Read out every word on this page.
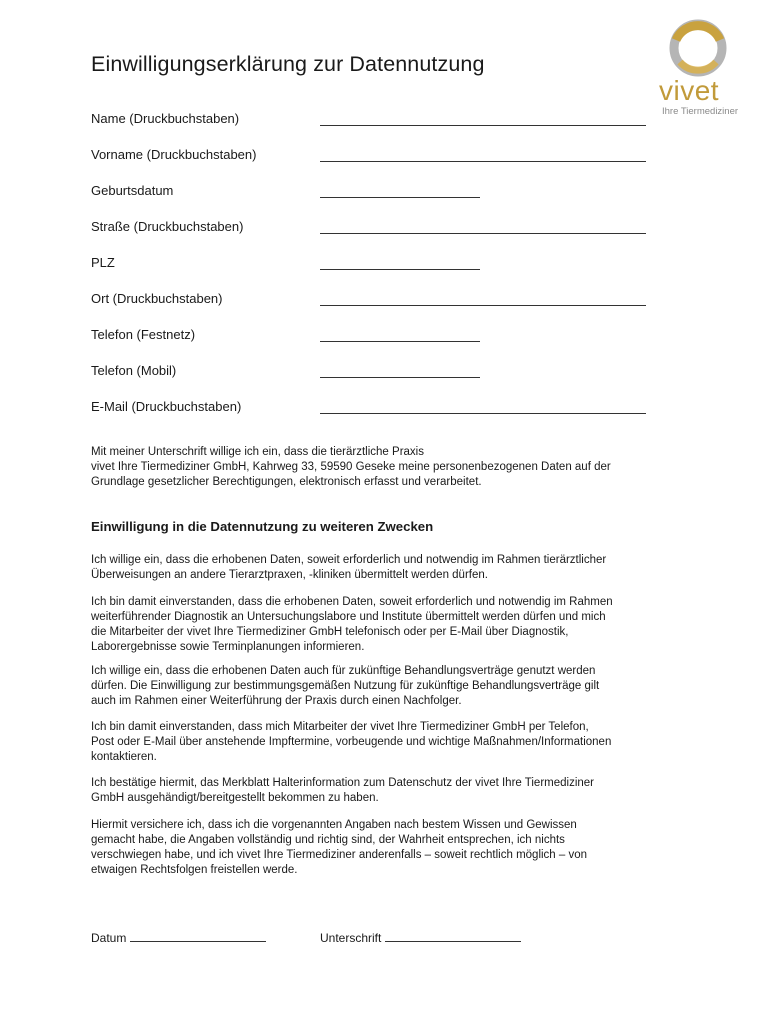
Einwilligungserklärung zur Datennutzung
vivet
Ihre Tiermediziner
Name (Druckbuchstaben)
Vorname (Druckbuchstaben)
Geburtsdatum
Straße (Druckbuchstaben)
PLZ
Ort (Druckbuchstaben)
Telefon (Festnetz)
Telefon (Mobil)
E-Mail (Druckbuchstaben)
Mit meiner Unterschrift willige ich ein, dass die tierärztliche Praxis
vivet Ihre Tiermediziner GmbH, Kahrweg 33, 59590 Geseke meine personenbezogenen Daten auf der
Grundlage gesetzlicher Berechtigungen, elektronisch erfasst und verarbeitet.
Einwilligung in die Datennutzung zu weiteren Zwecken
Ich willige ein, dass die erhobenen Daten, soweit erforderlich und notwendig im Rahmen tierärztlicher
Überweisungen an andere Tierarztpraxen, -kliniken übermittelt werden dürfen.
Ich bin damit einverstanden, dass die erhobenen Daten, soweit erforderlich und notwendig im Rahmen
weiterführender Diagnostik an Untersuchungslabore und Institute übermittelt werden dürfen und mich
die Mitarbeiter der vivet Ihre Tiermediziner GmbH telefonisch oder per E-Mail über Diagnostik,
Laborergebnisse sowie Terminplanungen informieren.
Ich willige ein, dass die erhobenen Daten auch für zukünftige Behandlungsverträge genutzt werden
dürfen. Die Einwilligung zur bestimmungsgemäßen Nutzung für zukünftige Behandlungsverträge gilt
auch im Rahmen einer Weiterführung der Praxis durch einen Nachfolger.
Ich bin damit einverstanden, dass mich Mitarbeiter der vivet Ihre Tiermediziner GmbH per Telefon,
Post oder E-Mail über anstehende Impftermine, vorbeugende und wichtige Maßnahmen/Informationen
kontaktieren.
Ich bestätige hiermit, das Merkblatt Halterinformation zum Datenschutz der vivet Ihre Tiermediziner
GmbH ausgehändigt/bereitgestellt bekommen zu haben.
Hiermit versichere ich, dass ich die vorgenannten Angaben nach bestem Wissen und Gewissen
gemacht habe, die Angaben vollständig und richtig sind, der Wahrheit entsprechen, ich nichts
verschwiegen habe, und ich vivet Ihre Tiermediziner anderenfalls – soweit rechtlich möglich – von
etwaigen Rechtsfolgen freistellen werde.
Datum	Unterschrift
